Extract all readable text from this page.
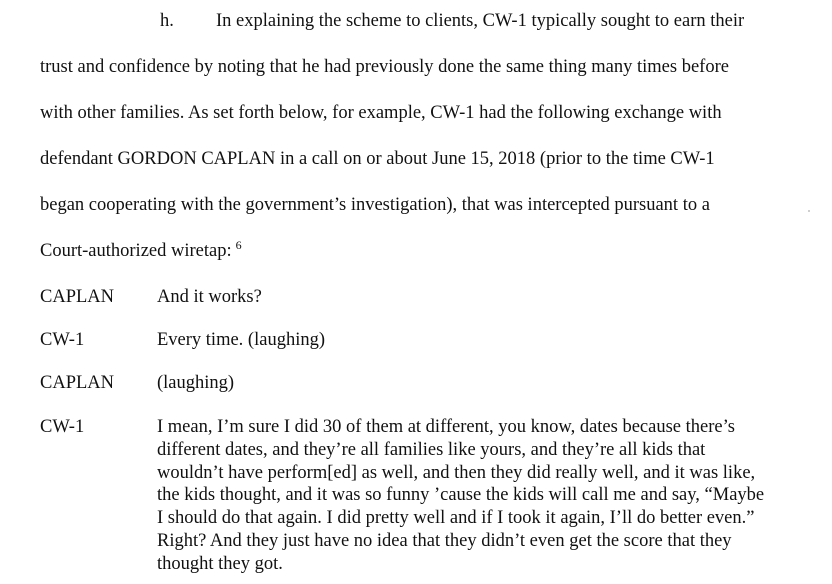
h. In explaining the scheme to clients, CW-1 typically sought to earn their
trust and confidence by noting that he had previously done the same thing many times before
with other families. As set forth below, for example, CW-1 had the following exchange with
defendant GORDON CAPLAN in a call on or about June 15, 2018 (prior to the time CW-1
began cooperating with the government’s investigation), that was intercepted pursuant to a
Court-authorized wiretap: $^6$
CAPLAN And it works?
CW-1	Every time. (laughing)
CAPLAN (laughing)
CW-1	I mean, I’m sure I did 30 of them at different, you know, dates because there’s
different dates, and they’re all families like yours, and they’re all kids that
wouldn’t have perform[ed] as well, and then they did really well, and it was like,
the kids thought, and it was so funny ’cause the kids will call me and say, “Maybe
I should do that again. I did pretty well and if I took it again, I’ll do better even.”
Right? And they just have no idea that they didn’t even get the score that they
thought they got.
